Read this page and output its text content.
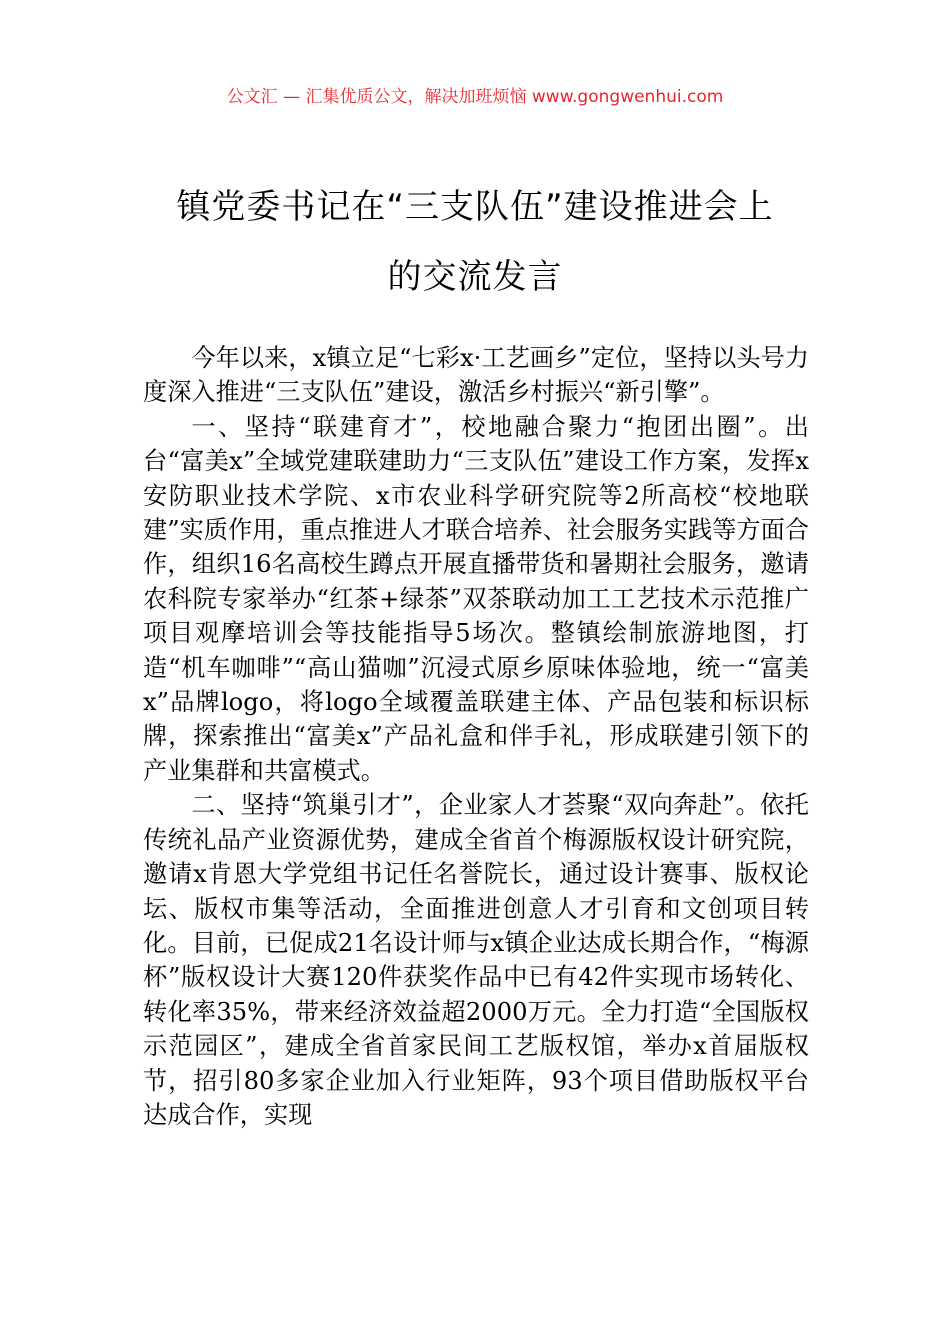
公文汇 — 汇集优质公文，解决加班烦恼 www.gongwenhui.com
镇党委书记在“三支队伍”建设推进会上
的交流发言

今年以来，x镇立足“七彩x·工艺画乡”定位，坚持以头号力度深入推进“三支队伍”建设，激活乡村振兴“新引擎”。

一、坚持“联建育才”，校地融合聚力“抱团出圈”。出台“富美x”全域党建联建助力“三支队伍”建设工作方案，发挥x安防职业技术学院、x市农业科学研究院等2所高校“校地联建”实质作用，重点推进人才联合培养、社会服务实践等方面合作，组织16名高校生蹲点开展直播带货和暑期社会服务，邀请农科院专家举办“红茶+绿茶”双茶联动加工工艺技术示范推广项目观摩培训会等技能指导5场次。整镇绘制旅游地图，打造“机车咖啡”“高山猫咖”沉浸式原乡原味体验地，统一“富美x”品牌logo，将logo全域覆盖联建主体、产品包装和标识标牌，探索推出“富美x”产品礼盒和伴手礼，形成联建引领下的产业集群和共富模式。

二、坚持“筑巢引才”，企业家人才荟聚“双向奔赴”。依托传统礼品产业资源优势，建成全省首个梅源版权设计研究院，邀请x肯恩大学党组书记任名誉院长，通过设计赛事、版权论坛、版权市集等活动，全面推进创意人才引育和文创项目转化。目前，已促成21名设计师与x镇企业达成长期合作，“梅源杯”版权设计大赛120件获奖作品中已有42件实现市场转化、转化率35%，带来经济效益超2000万元。全力打造“全国版权示范园区”，建成全省首家民间工艺版权馆，举办x首届版权节，招引80多家企业加入行业矩阵，93个项目借助版权平台达成合作，实现
